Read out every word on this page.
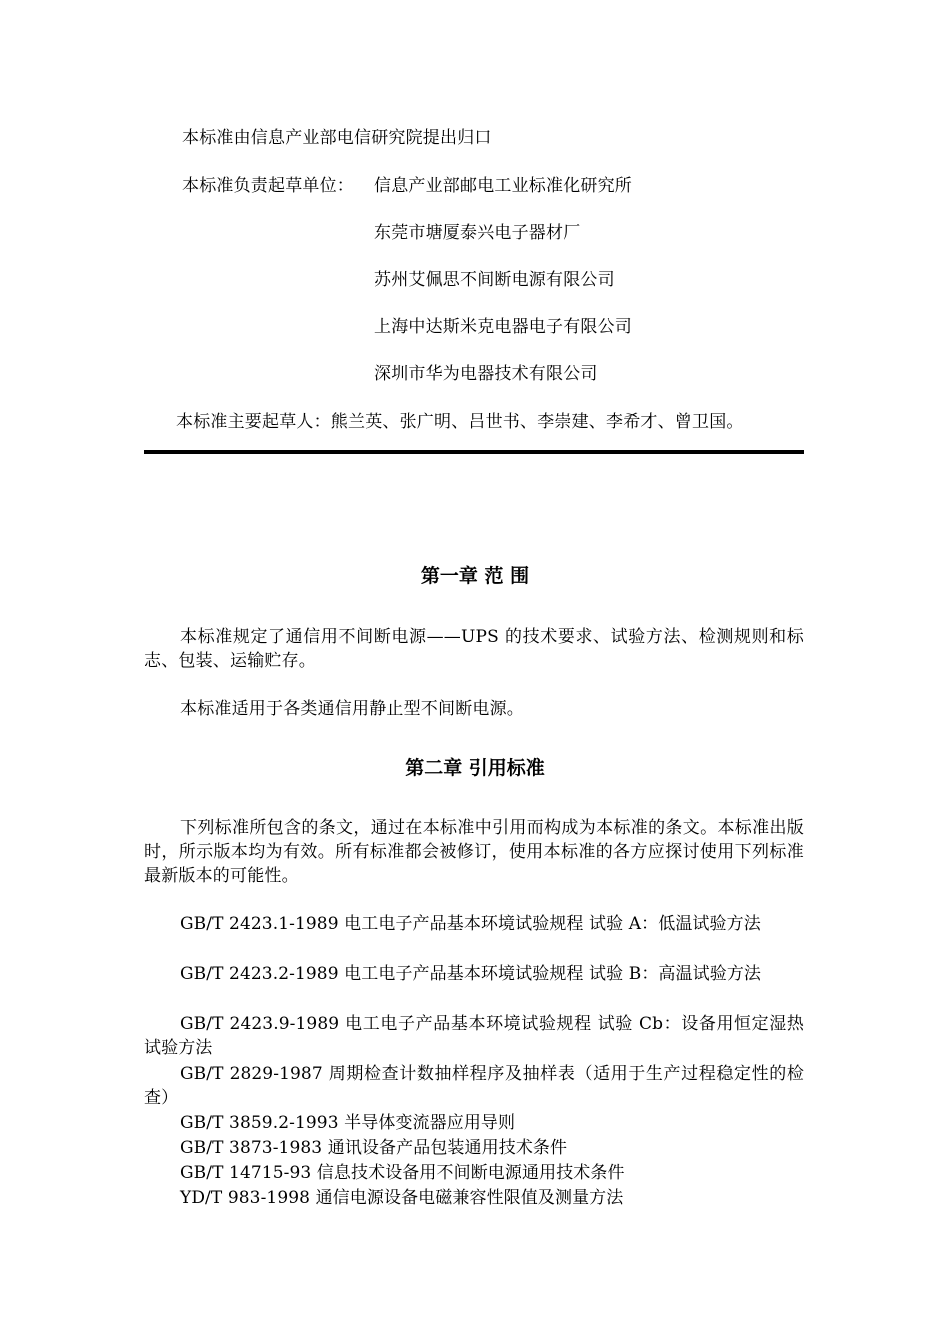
本标准由信息产业部电信研究院提出归口
本标准负责起草单位： 信息产业部邮电工业标准化研究所
东莞市塘厦泰兴电子器材厂
苏州艾佩思不间断电源有限公司
上海中达斯米克电器电子有限公司
深圳市华为电器技术有限公司
本标准主要起草人：熊兰英、张广明、吕世书、李崇建、李希才、曾卫国。
第一章 范 围
本标准规定了通信用不间断电源——UPS 的技术要求、试验方法、检测规则和标志、包装、运输贮存。
本标准适用于各类通信用静止型不间断电源。
第二章 引用标准
下列标准所包含的条文，通过在本标准中引用而构成为本标准的条文。本标准出版时，所示版本均为有效。所有标准都会被修订，使用本标准的各方应探讨使用下列标准最新版本的可能性。
GB/T 2423.1-1989 电工电子产品基本环境试验规程 试验 A：低温试验方法
GB/T 2423.2-1989 电工电子产品基本环境试验规程 试验 B：高温试验方法
GB/T 2423.9-1989 电工电子产品基本环境试验规程 试验 Cb：设备用恒定湿热试验方法
GB/T 2829-1987 周期检查计数抽样程序及抽样表（适用于生产过程稳定性的检查）
GB/T 3859.2-1993 半导体变流器应用导则
GB/T 3873-1983 通讯设备产品包装通用技术条件
GB/T 14715-93 信息技术设备用不间断电源通用技术条件
YD/T 983-1998 通信电源设备电磁兼容性限值及测量方法
